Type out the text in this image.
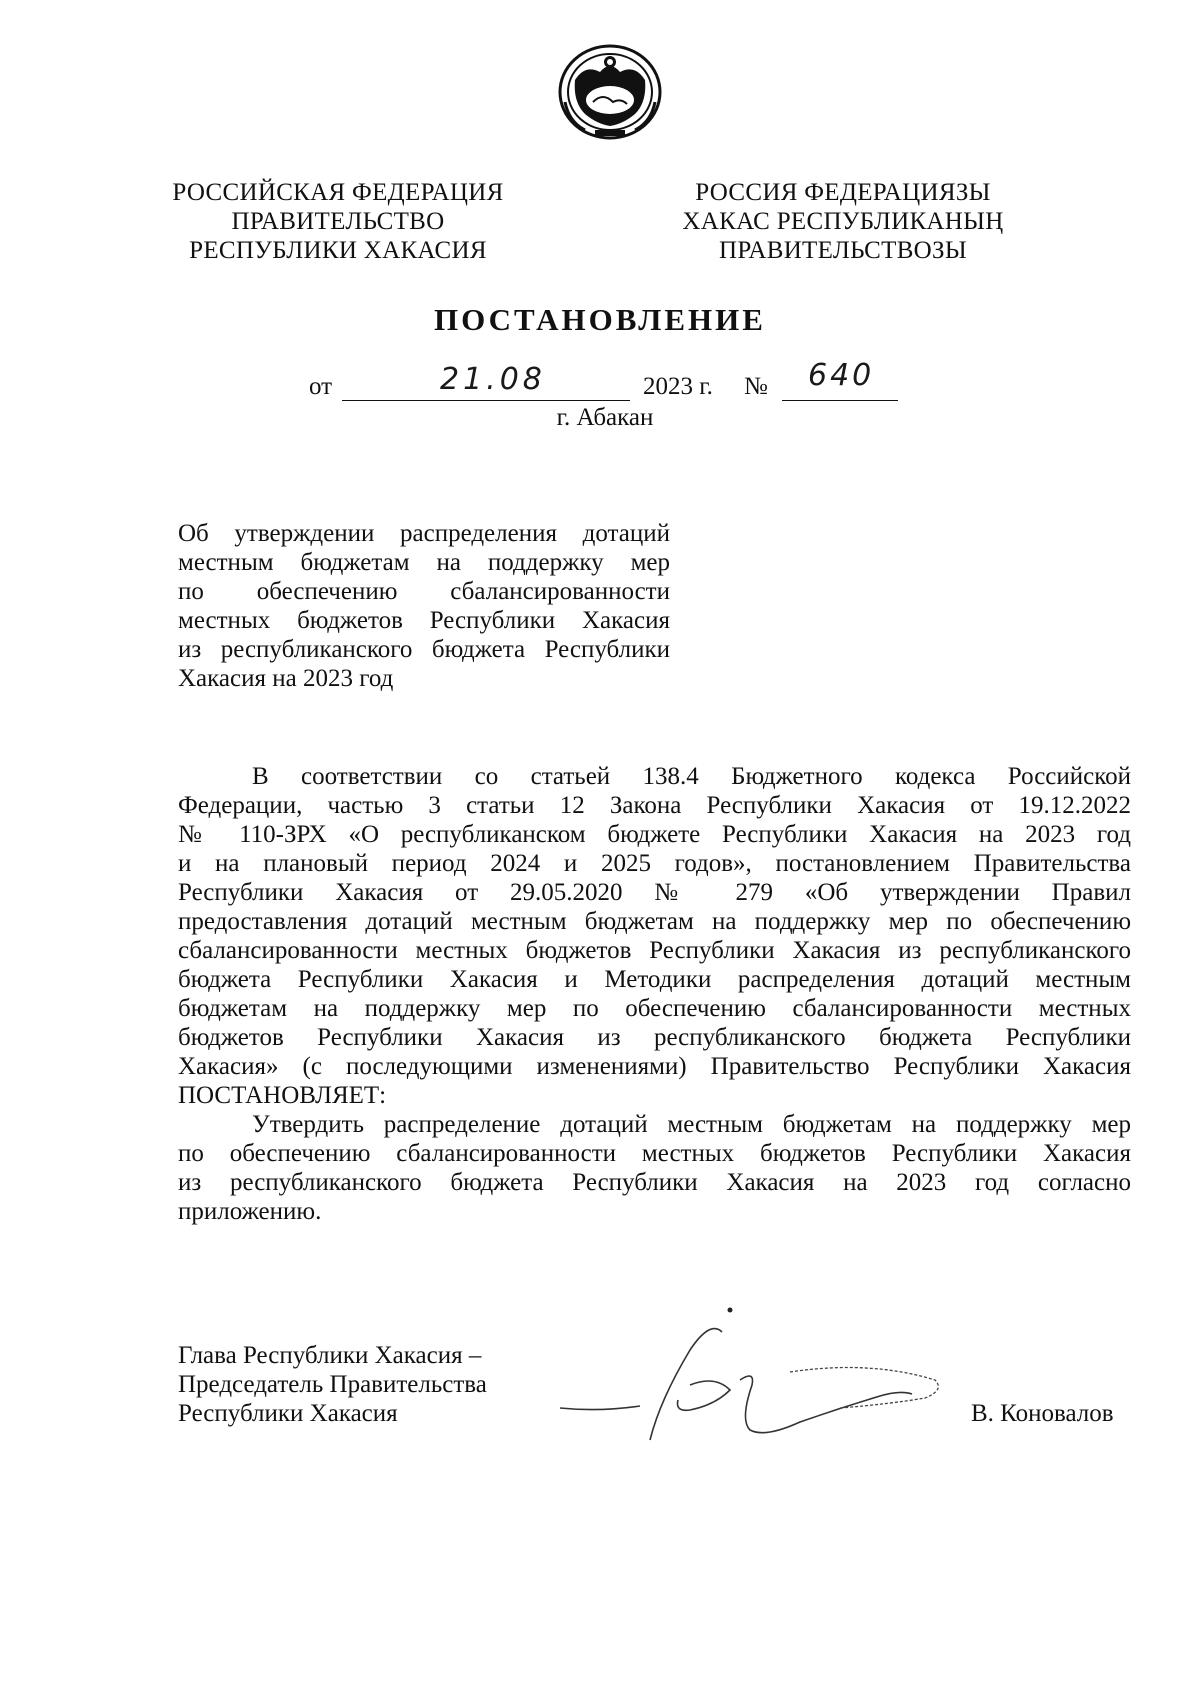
РОССИЙСКАЯ ФЕДЕРАЦИЯ
ПРАВИТЕЛЬСТВО
РЕСПУБЛИКИ ХАКАСИЯ
РОССИЯ ФЕДЕРАЦИЯЗЫ
ХАКАС РЕСПУБЛИКАНЫҢ
ПРАВИТЕЛЬСТВОЗЫ
ПОСТАНОВЛЕНИЕ
от	21.08	2023 г. № 640
г. Абакан
Об утверждении распределения дотаций
местным бюджетам на поддержку мер
по обеспечению сбалансированности
местных бюджетов Республики Хакасия
из республиканского бюджета Республики
Хакасия на 2023 год
В соответствии со статьей 138.4 Бюджетного кодекса Российской
Федерации, частью 3 статьи 12 Закона Республики Хакасия от 19.12.2022
№ 110-ЗРХ «О республиканском бюджете Республики Хакасия на 2023 год
и на плановый период 2024 и 2025 годов», постановлением Правительства
Республики Хакасия от 29.05.2020 № 279 «Об утверждении Правил
предоставления дотаций местным бюджетам на поддержку мер по обеспечению
сбалансированности местных бюджетов Республики Хакасия из республиканского
бюджета Республики Хакасия и Методики распределения дотаций местным
бюджетам на поддержку мер по обеспечению сбалансированности местных
бюджетов Республики Хакасия из республиканского бюджета Республики
Хакасия» (с последующими изменениями) Правительство Республики Хакасия
ПОСТАНОВЛЯЕТ:
Утвердить распределение дотаций местным бюджетам на поддержку мер
по обеспечению сбалансированности местных бюджетов Республики Хакасия
из республиканского бюджета Республики Хакасия на 2023 год согласно
приложению.
Глава Республики Хакасия –
Председатель Правительства
Республики Хакасия	В. Коновалов
